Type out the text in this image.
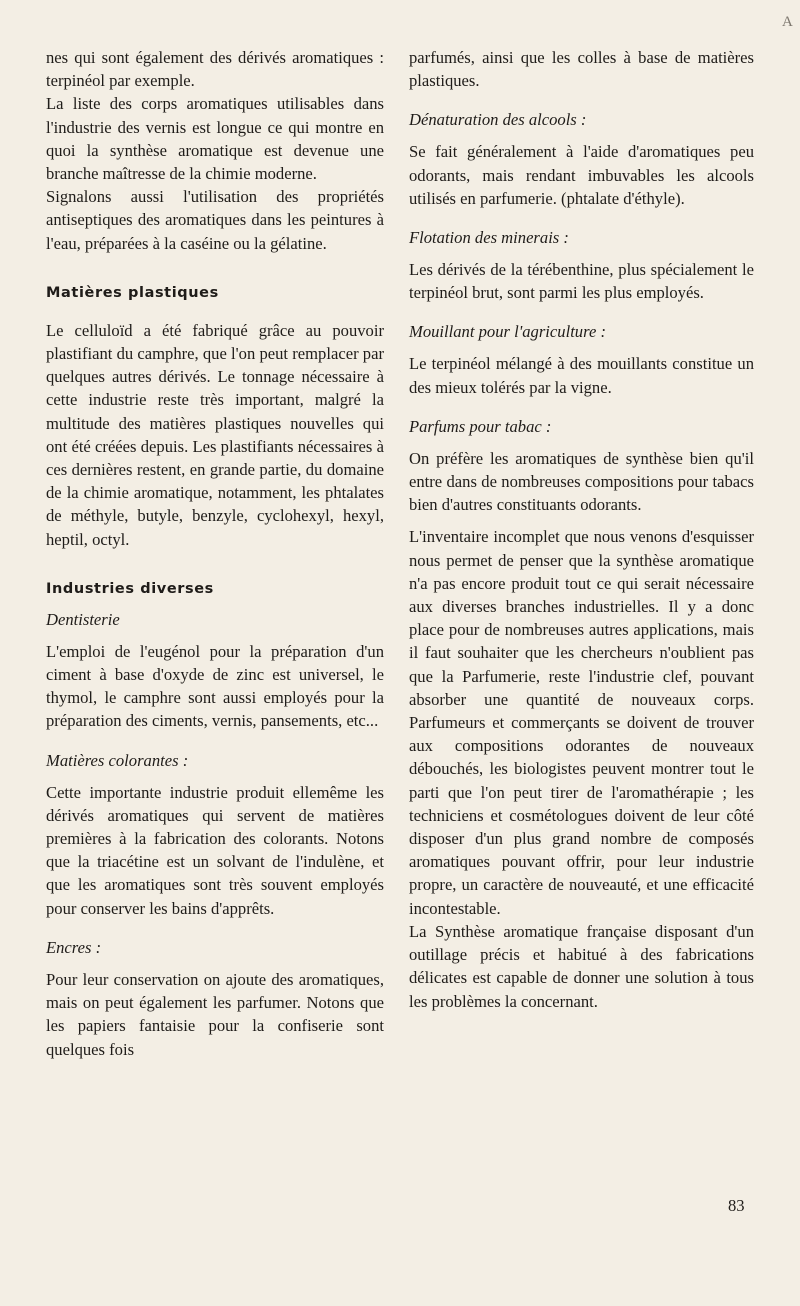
A

nes qui sont également des dérivés aromatiques : terpinéol par exemple.

La liste des corps aromatiques utilisables dans l'industrie des vernis est longue ce qui montre en quoi la synthèse aromatique est devenue une branche maîtresse de la chimie moderne.

Signalons aussi l'utilisation des propriétés antiseptiques des aromatiques dans les peintures à l'eau, préparées à la caséine ou la gélatine.

Matières plastiques

Le celluloïd a été fabriqué grâce au pouvoir plastifiant du camphre, que l'on peut remplacer par quelques autres dérivés. Le tonnage nécessaire à cette industrie reste très important, malgré la multitude des matières plastiques nouvelles qui ont été créées depuis. Les plastifiants nécessaires à ces dernières restent, en grande partie, du domaine de la chimie aromatique, notamment, les phtalates de méthyle, butyle, benzyle, cyclohexyl, hexyl, heptil, octyl.

Industries diverses
Dentisterie

L'emploi de l'eugénol pour la préparation d'un ciment à base d'oxyde de zinc est universel, le thymol, le camphre sont aussi employés pour la préparation des ciments, vernis, pansements, etc...

Matières colorantes :

Cette importante industrie produit ellemême les dérivés aromatiques qui servent de matières premières à la fabrication des colorants. Notons que la triacétine est un solvant de l'indulène, et que les aromatiques sont très souvent employés pour conserver les bains d'apprêts.

Encres :

Pour leur conservation on ajoute des aromatiques, mais on peut également les parfumer. Notons que les papiers fantaisie pour la confiserie sont quelques fois

parfumés, ainsi que les colles à base de matières plastiques.

Dénaturation des alcools :

Se fait généralement à l'aide d'aromatiques peu odorants, mais rendant imbuvables les alcools utilisés en parfumerie. (phtalate d'éthyle).

Flotation des minerais :

Les dérivés de la térébenthine, plus spécialement le terpinéol brut, sont parmi les plus employés.

Mouillant pour l'agriculture :

Le terpinéol mélangé à des mouillants constitue un des mieux tolérés par la vigne.

Parfums pour tabac :

On préfère les aromatiques de synthèse bien qu'il entre dans de nombreuses compositions pour tabacs bien d'autres constituants odorants.

L'inventaire incomplet que nous venons d'esquisser nous permet de penser que la synthèse aromatique n'a pas encore produit tout ce qui serait nécessaire aux diverses branches industrielles. Il y a donc place pour de nombreuses autres applications, mais il faut souhaiter que les chercheurs n'oublient pas que la Parfumerie, reste l'industrie clef, pouvant absorber une quantité de nouveaux corps. Parfumeurs et commerçants se doivent de trouver aux compositions odorantes de nouveaux débouchés, les biologistes peuvent montrer tout le parti que l'on peut tirer de l'aromathérapie ; les techniciens et cosmétologues doivent de leur côté disposer d'un plus grand nombre de composés aromatiques pouvant offrir, pour leur industrie propre, un caractère de nouveauté, et une efficacité incontestable.

La Synthèse aromatique française disposant d'un outillage précis et habitué à des fabrications délicates est capable de donner une solution à tous les problèmes la concernant.

83
